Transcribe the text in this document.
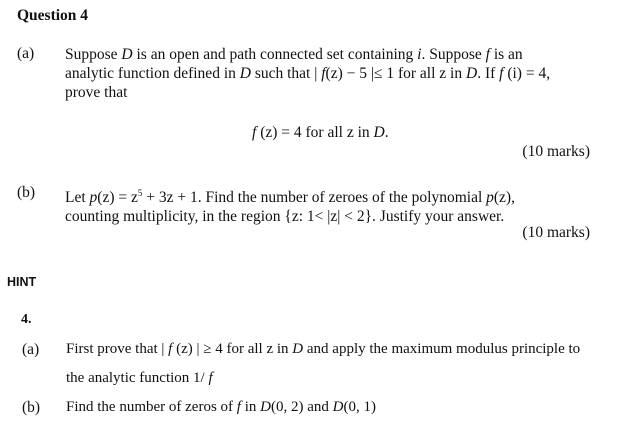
Question 4
(a) Suppose D is an open and path connected set containing i. Suppose f is an
analytic function defined in D such that | f(z) − 5 |≤ 1 for all z in D. If f (i) = 4,
prove that
f (z) = 4 for all z in D.
(10 marks)
(b) Let $p(z) = z^5 + 3z + 1$. Find the number of zeroes of the polynomial p(z),
counting multiplicity, in the region {z: 1< |z| < 2}. Justify your answer.
(10 marks)
HINT
4.
(a) First prove that | f (z) | ≥ 4 for all z in D and apply the maximum modulus principle to
the analytic function 1/ f
(b) Find the number of zeros of f in D(0, 2) and D(0, 1)
